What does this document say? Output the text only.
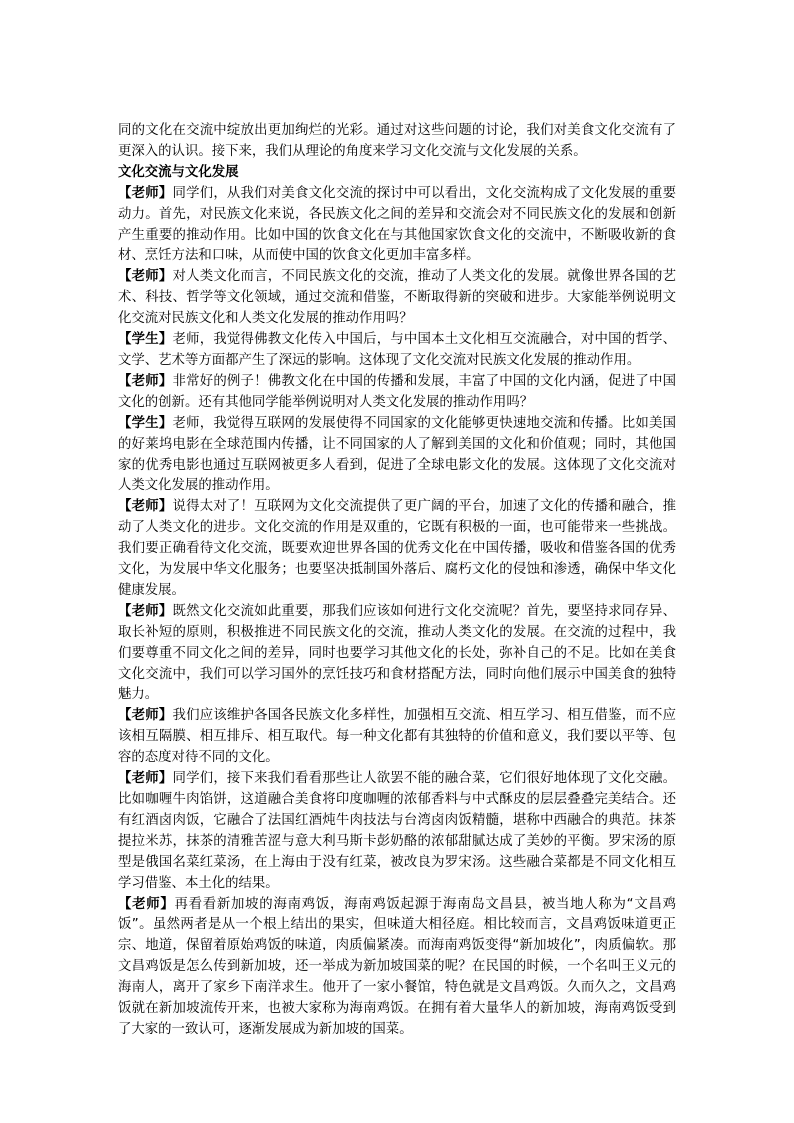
同的文化在交流中绽放出更加绚烂的光彩。通过对这些问题的讨论，我们对美食文化交流有了更深入的认识。接下来，我们从理论的角度来学习文化交流与文化发展的关系。

文化交流与文化发展

【老师】同学们，从我们对美食文化交流的探讨中可以看出，文化交流构成了文化发展的重要动力。首先，对民族文化来说，各民族文化之间的差异和交流会对不同民族文化的发展和创新产生重要的推动作用。比如中国的饮食文化在与其他国家饮食文化的交流中，不断吸收新的食材、烹饪方法和口味，从而使中国的饮食文化更加丰富多样。

【老师】对人类文化而言，不同民族文化的交流，推动了人类文化的发展。就像世界各国的艺术、科技、哲学等文化领域，通过交流和借鉴，不断取得新的突破和进步。大家能举例说明文化交流对民族文化和人类文化发展的推动作用吗？

【学生】老师，我觉得佛教文化传入中国后，与中国本土文化相互交流融合，对中国的哲学、文学、艺术等方面都产生了深远的影响。这体现了文化交流对民族文化发展的推动作用。

【老师】非常好的例子！佛教文化在中国的传播和发展，丰富了中国的文化内涵，促进了中国文化的创新。还有其他同学能举例说明对人类文化发展的推动作用吗？

【学生】老师，我觉得互联网的发展使得不同国家的文化能够更快速地交流和传播。比如美国的好莱坞电影在全球范围内传播，让不同国家的人了解到美国的文化和价值观；同时，其他国家的优秀电影也通过互联网被更多人看到，促进了全球电影文化的发展。这体现了文化交流对人类文化发展的推动作用。

【老师】说得太对了！互联网为文化交流提供了更广阔的平台，加速了文化的传播和融合，推动了人类文化的进步。文化交流的作用是双重的，它既有积极的一面，也可能带来一些挑战。我们要正确看待文化交流，既要欢迎世界各国的优秀文化在中国传播，吸收和借鉴各国的优秀文化，为发展中华文化服务；也要坚决抵制国外落后、腐朽文化的侵蚀和渗透，确保中华文化健康发展。

【老师】既然文化交流如此重要，那我们应该如何进行文化交流呢？首先，要坚持求同存异、取长补短的原则，积极推进不同民族文化的交流，推动人类文化的发展。在交流的过程中，我们要尊重不同文化之间的差异，同时也要学习其他文化的长处，弥补自己的不足。比如在美食文化交流中，我们可以学习国外的烹饪技巧和食材搭配方法，同时向他们展示中国美食的独特魅力。

【老师】我们应该维护各国各民族文化多样性，加强相互交流、相互学习、相互借鉴，而不应该相互隔膜、相互排斥、相互取代。每一种文化都有其独特的价值和意义，我们要以平等、包容的态度对待不同的文化。

【老师】同学们，接下来我们看看那些让人欲罢不能的融合菜，它们很好地体现了文化交融。比如咖喱牛肉馅饼，这道融合美食将印度咖喱的浓郁香料与中式酥皮的层层叠叠完美结合。还有红酒卤肉饭，它融合了法国红酒炖牛肉技法与台湾卤肉饭精髓，堪称中西融合的典范。抹茶提拉米苏，抹茶的清雅苦涩与意大利马斯卡彭奶酪的浓郁甜腻达成了美妙的平衡。罗宋汤的原型是俄国名菜红菜汤，在上海由于没有红菜，被改良为罗宋汤。这些融合菜都是不同文化相互学习借鉴、本土化的结果。

【老师】再看看新加坡的海南鸡饭，海南鸡饭起源于海南岛文昌县，被当地人称为“文昌鸡饭”。虽然两者是从一个根上结出的果实，但味道大相径庭。相比较而言，文昌鸡饭味道更正宗、地道，保留着原始鸡饭的味道，肉质偏紧凑。而海南鸡饭变得“新加坡化”，肉质偏软。那文昌鸡饭是怎么传到新加坡，还一举成为新加坡国菜的呢？在民国的时候，一个名叫王义元的海南人，离开了家乡下南洋求生。他开了一家小餐馆，特色就是文昌鸡饭。久而久之，文昌鸡饭就在新加坡流传开来，也被大家称为海南鸡饭。在拥有着大量华人的新加坡，海南鸡饭受到了大家的一致认可，逐渐发展成为新加坡的国菜。
